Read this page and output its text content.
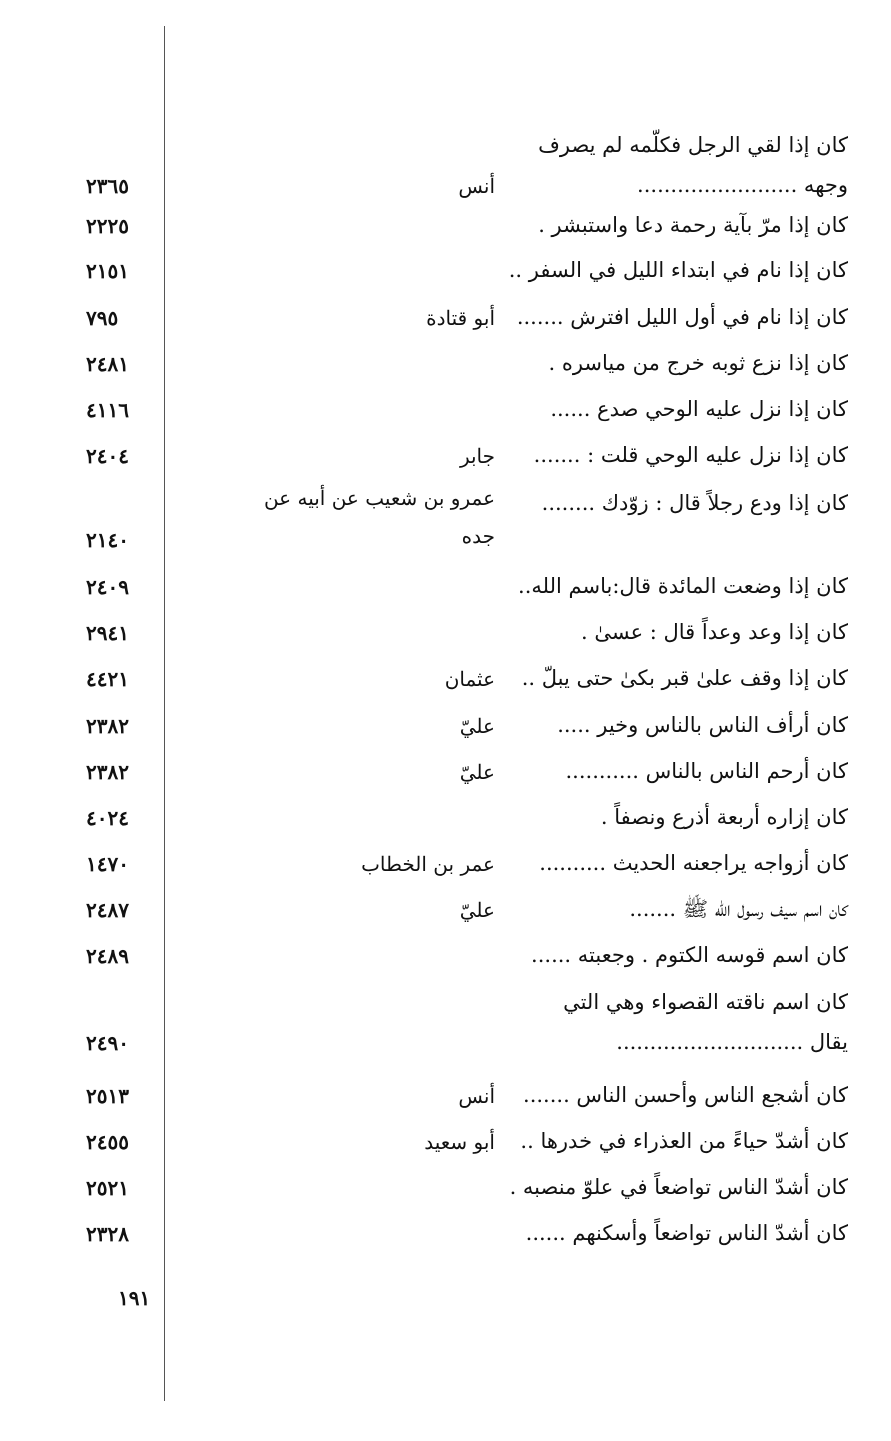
كان إذا لقي الرجل فكلّمه لم يصرف
وجهه ........................
أنس
٢٣٦٥
كان إذا مرّ بآية رحمة دعا واستبشر .
٢٢٢٥
كان إذا نام في ابتداء الليل في السفر ..
٢١٥١
كان إذا نام في أول الليل افترش .......
أبو قتادة
٧٩٥
كان إذا نزع ثوبه خرج من مياسره .
٢٤٨١
كان إذا نزل عليه الوحي صدع ......
٤١١٦
كان إذا نزل عليه الوحي قلت : .......
جابر
٢٤٠٤
كان إذا ودع رجلاً قال : زوّدك ........
عمرو بن شعيب عن أبيه عن جده
٢١٤٠
كان إذا وضعت المائدة قال:باسم الله..
٢٤٠٩
كان إذا وعد وعداً قال : عسىٰ .
٢٩٤١
كان إذا وقف علىٰ قبر بكىٰ حتى يبلّ ..
عثمان
٤٤٢١
كان أرأف الناس بالناس وخير .....
عليّ
٢٣٨٢
كان أرحم الناس بالناس ...........
عليّ
٢٣٨٢
كان إزاره أربعة أذرع ونصفاً .
٤٠٢٤
كان أزواجه يراجعنه الحديث ..........
عمر بن الخطاب
١٤٧٠
كان اسم سيف رسول الله ﷺ .......
عليّ
٢٤٨٧
كان اسم قوسه الكتوم . وجعبته ......
٢٤٨٩
كان اسم ناقته القصواء وهي التي
يقال ............................
٢٤٩٠
كان أشجع الناس وأحسن الناس .......
أنس
٢٥١٣
كان أشدّ حياءً من العذراء في خدرها ..
أبو سعيد
٢٤٥٥
كان أشدّ الناس تواضعاً في علوّ منصبه .
٢٥٢١
كان أشدّ الناس تواضعاً وأسكنهم ......
٢٣٢٨
١٩١
